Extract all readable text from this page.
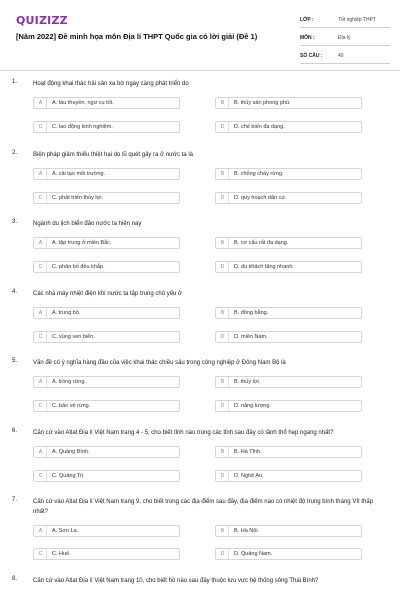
QUIZIZZ
[Năm 2022] Đề minh họa môn Địa lí THPT Quốc gia có lời giải (Đề 1)
LỚP :	Tốt nghiệp THPT
MÔN :	Địa lý
SỐ CÂU :	40
1.	Hoạt động khai thác hải sản xa bờ ngày càng phát triển do
A	A. tàu thuyền, ngư cụ tốt.	B	B. thủy sản phong phú.
C	C. lao động kinh nghiệm.	D	D. chế biến đa dạng.
2.	Biện pháp giảm thiểu thiệt hại do lũ quét gây ra ở nước ta là
A	A. cải tạo môi trường.	B	B. chống cháy rừng.
C	C. phát triển thủy lợi.	D	D. quy hoạch dân cư.
3.	Ngành du lịch biển đảo nước ta hiện nay
A	A. tập trung ở miền Bắc.	B	B. cơ cấu rất đa dạng.
C	C. phân bố đều khắp.	D	D. du khách tăng nhanh.
4.	Các nhà máy nhiệt điện khí nước ta tập trung chủ yếu ở
A	A. trung bộ.	B	B. đồng bằng.
C	C. vùng ven biển.	D	D. miền Nam.
5.	Vấn đề có ý nghĩa hàng đầu của việc khai thác chiều sâu trong công nghiệp ở Đông Nam Bộ là
A	A. trồng rừng.	B	B. thủy lợi.
C	C. bảo vệ rừng.	D	D. năng lượng.
6.	Căn cứ vào Atlat Địa lí Việt Nam trang 4 - 5, cho biết tỉnh nào trong các tỉnh sau đây có lãnh thổ hẹp ngang nhất?
A	A. Quảng Bình.	B	B. Hà Tĩnh.
C	C. Quảng Trị.	D	D. Nghệ An.
7.	Căn cứ vào Atlat Địa lí Việt Nam trang 9, cho biết trong các địa điểm sau đây, địa điểm nào có nhiệt độ trung bình tháng VII thấp nhất?
A	A. Sơn La.	B	B. Hà Nội.
C	C. Huế.	D	D. Quảng Nam.
8.	Căn cứ vào Atlat Địa lí Việt Nam trang 10, cho biết hồ nào sau đây thuộc lưu vực hệ thống sông Thái Bình?
